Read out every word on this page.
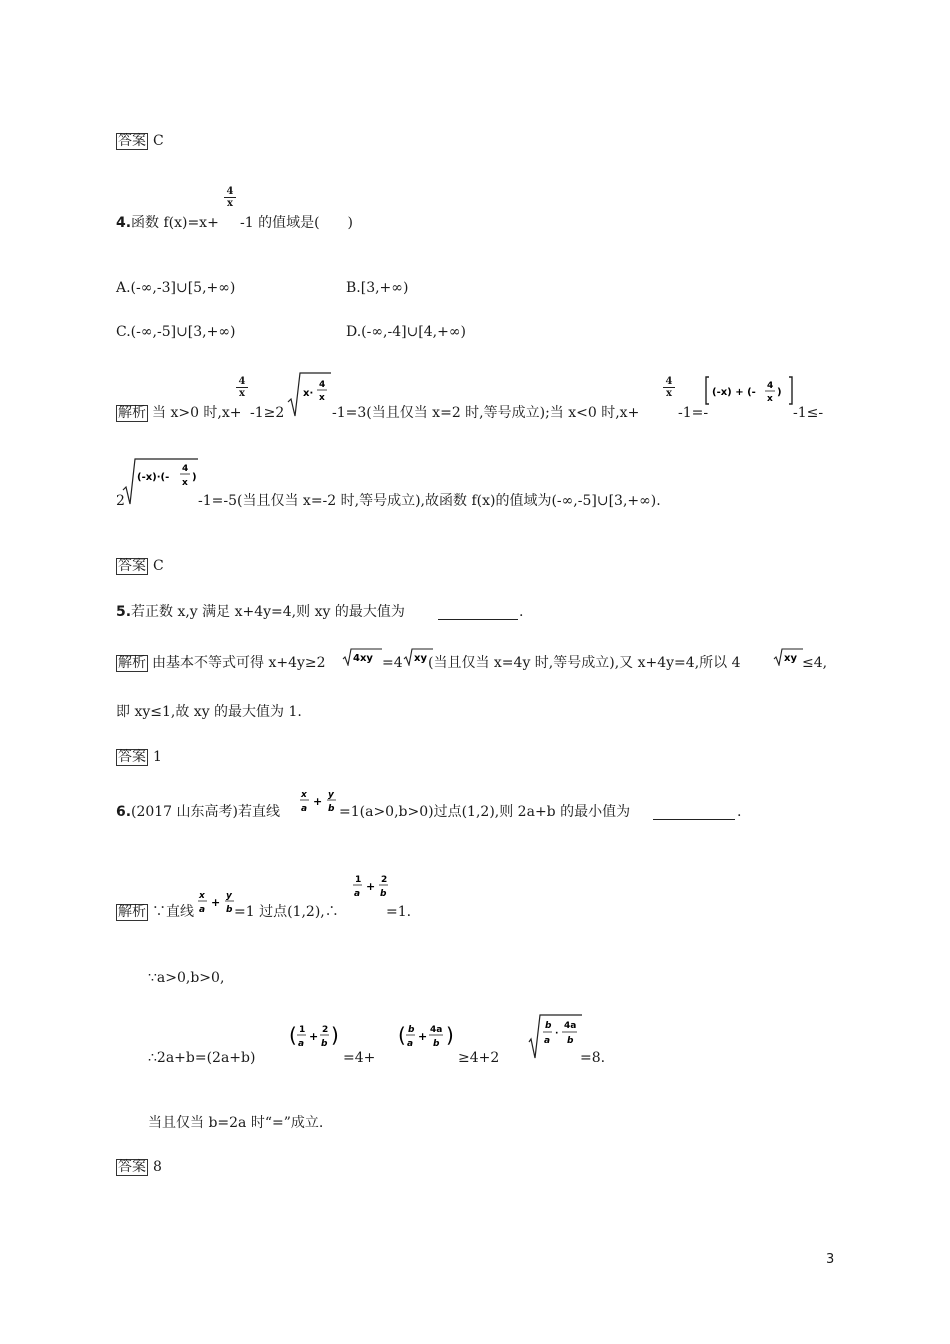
答案 C
4. 函数 f(x)=x+
$\frac{4}{x}$
-1 的值域是(　　)
A.(-∞,-3]∪[5,+∞)	B.[3,+∞)
C.(-∞,-5]∪[3,+∞)	D.(-∞,-4]∪[4,+∞)
解析 当 x>0 时,x+
$\frac{4}{x}$
-1≥2
x·
4
x
-1=3(当且仅当 x=2 时,等号成立);当 x<0 时,x+
$\frac{4}{x}$
-1=-
(-x) + (-
4
x
)
-1≤-
2
(-x)·(-
4
x )
-1=-5(当且仅当 x=-2 时,等号成立),故函数 f(x)的值域为(-∞,-5]∪[3,+∞).
答案 C
5. 若正数 x,y 满足 x+4y=4,则 xy 的最大值为	.
解析 由基本不等式可得 x+4y≥2	4xy =4 xy (当且仅当 x=4y 时,等号成立),又 x+4y=4,所以 4	xy ≤4,
即 xy≤1,故 xy 的最大值为 1.
答案 1
6. (2017 山东高考)若直线
x
a
+ y
b =1(a>0,b>0)过点(1,2),则 2a+b 的最小值为	.
解析 ∵直线
x
a
+ y
b =1 过点(1,2),∴
1
a
+ 2
b
=1.
∵a>0,b>0,
∴2a+b=(2a+b)
( 1
a
+ 2
b )
=4+
( b
a
+ 4a
b )
≥4+2
b
a
·
4a
b
=8.
当且仅当 b=2a 时“=”成立.
答案 8
3
